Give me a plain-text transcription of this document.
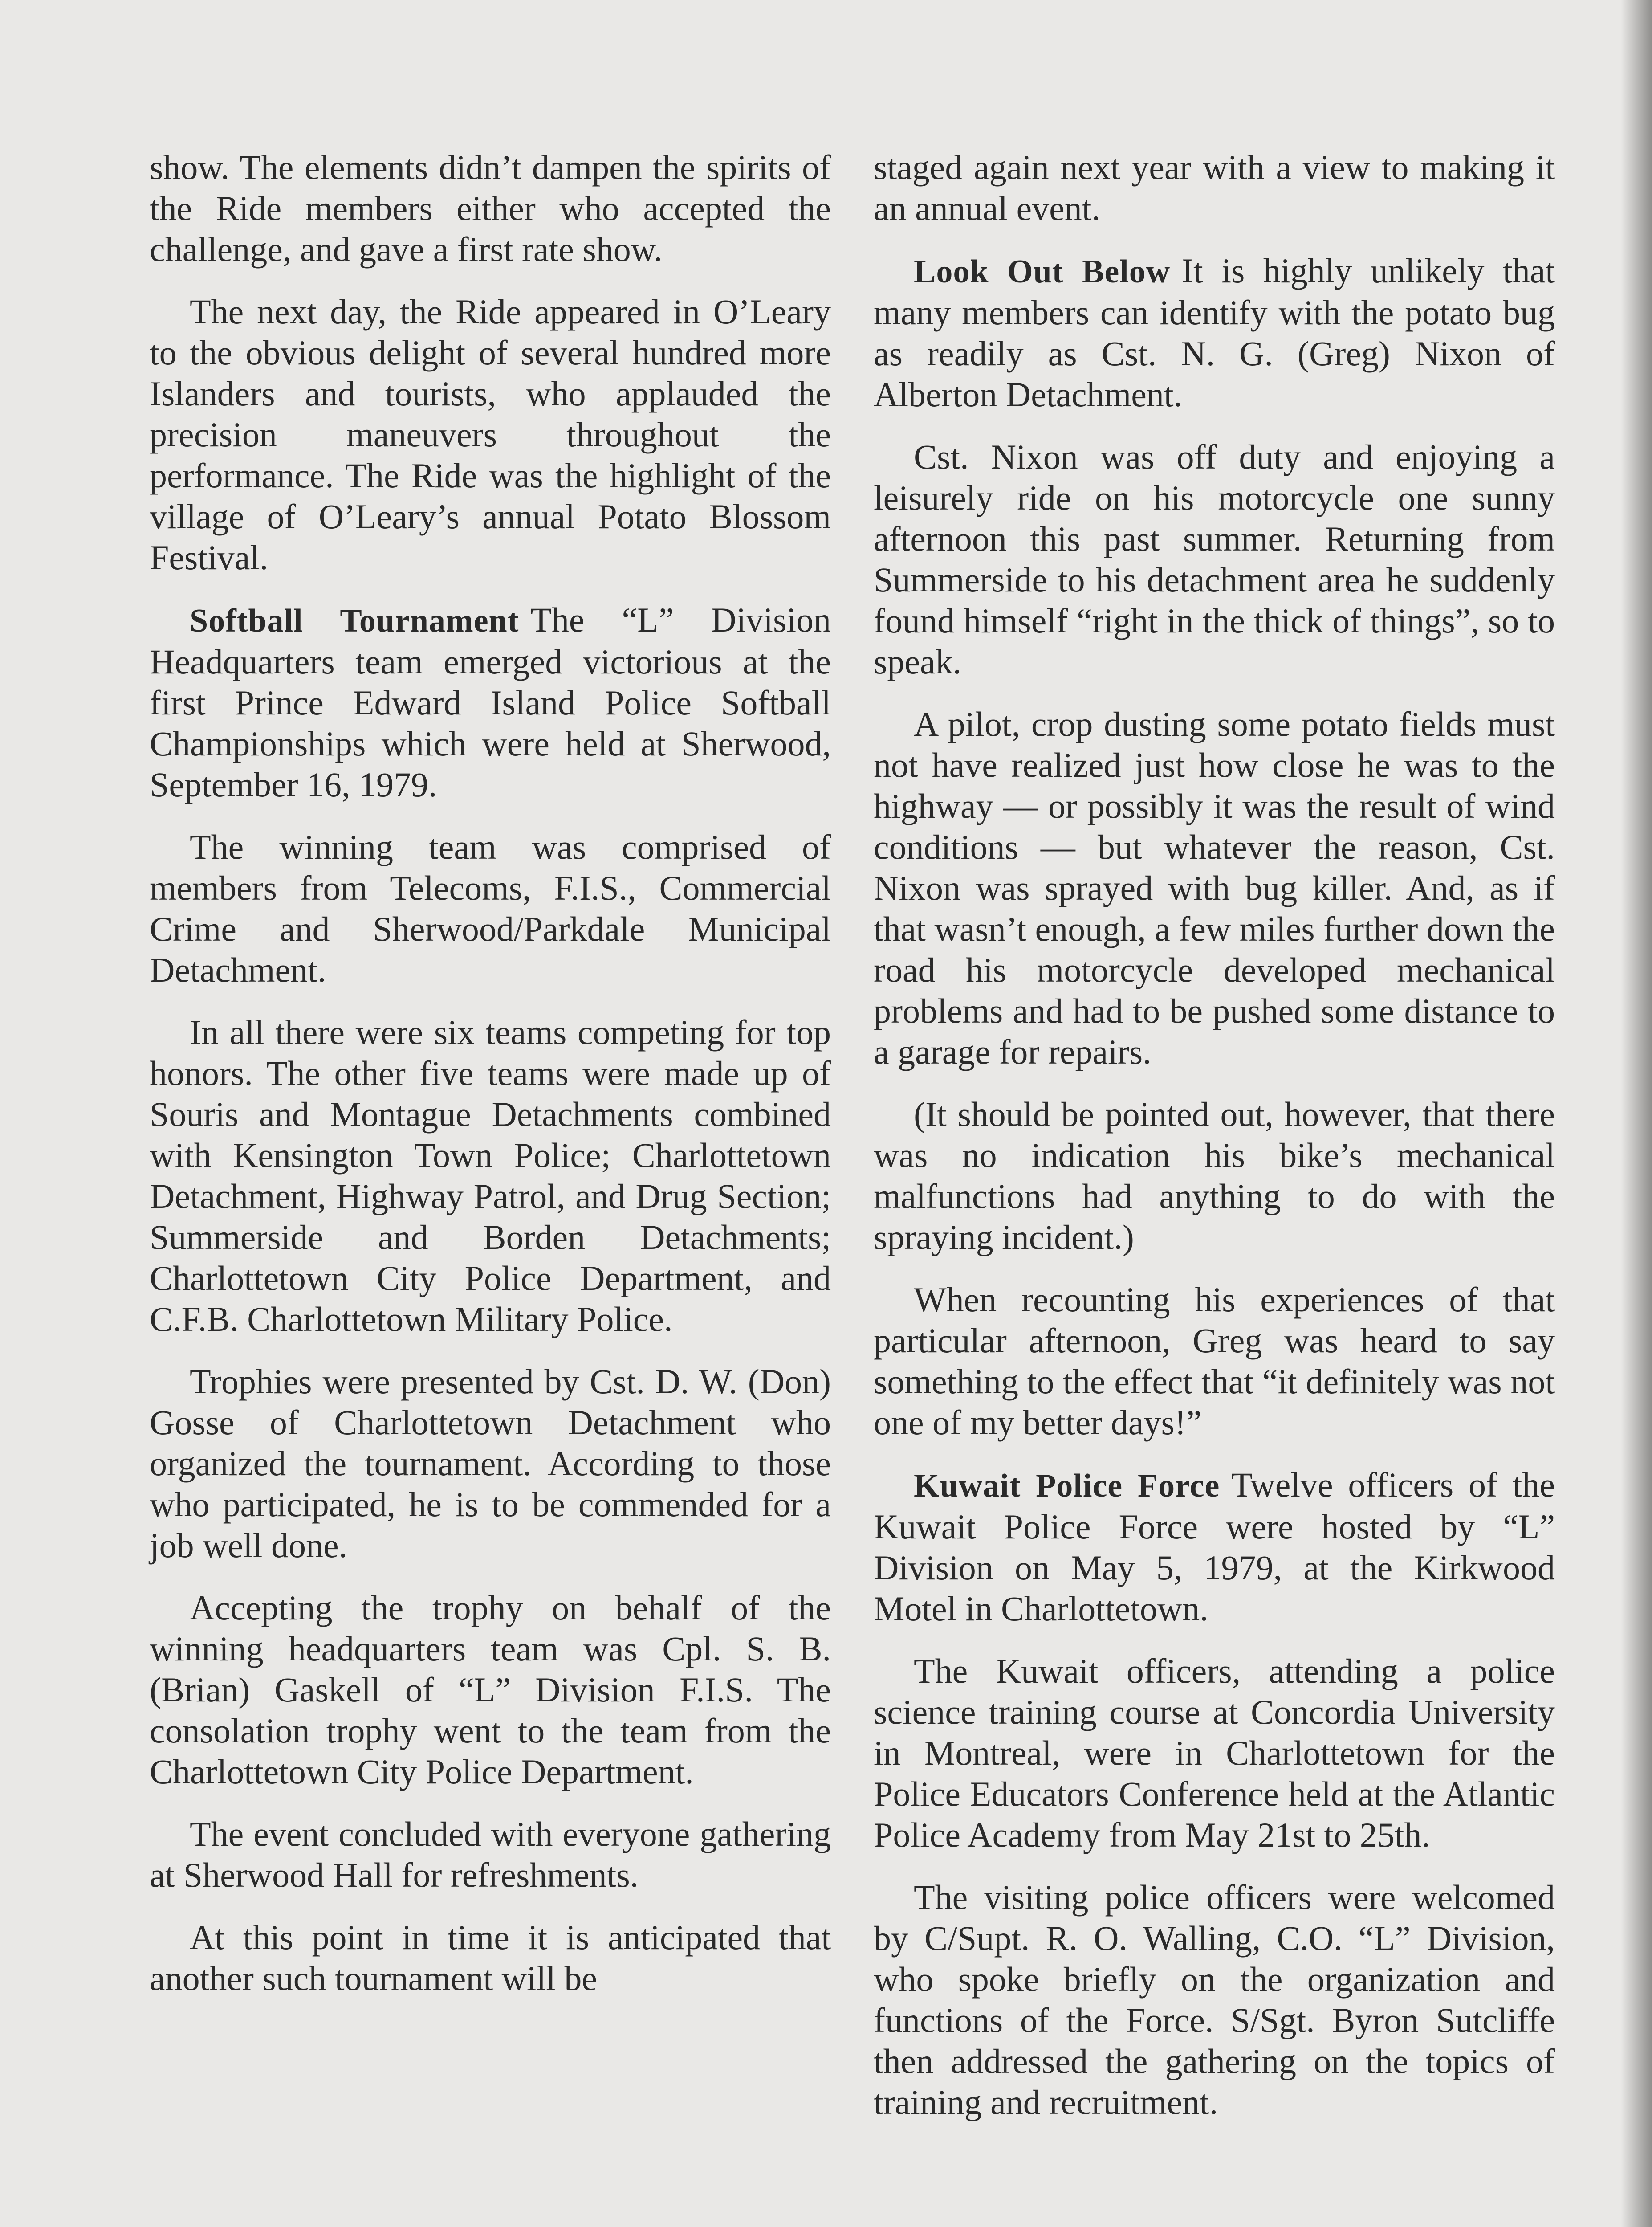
show. The elements didn’t dampen the spirits of the Ride members either who accepted the challenge, and gave a first rate show.

The next day, the Ride appeared in O’Leary to the obvious delight of several hundred more Islanders and tourists, who applauded the precision maneuvers throughout the performance. The Ride was the highlight of the village of O’Leary’s annual Potato Blossom Festival.

Softball Tournament The “L” Division Headquarters team emerged victorious at the first Prince Edward Island Police Softball Championships which were held at Sherwood, September 16, 1979.

The winning team was comprised of members from Telecoms, F.I.S., Commercial Crime and Sherwood/Parkdale Municipal Detachment.

In all there were six teams competing for top honors. The other five teams were made up of Souris and Montague Detachments combined with Kensington Town Police; Charlottetown Detachment, Highway Patrol, and Drug Section; Summerside and Borden Detachments; Charlottetown City Police Department, and C.F.B. Charlottetown Military Police.

Trophies were presented by Cst. D. W. (Don) Gosse of Charlottetown Detachment who organized the tournament. According to those who participated, he is to be commended for a job well done.

Accepting the trophy on behalf of the winning headquarters team was Cpl. S. B. (Brian) Gaskell of “L” Division F.I.S. The consolation trophy went to the team from the Charlottetown City Police Department.

The event concluded with everyone gathering at Sherwood Hall for refreshments.

At this point in time it is anticipated that another such tournament will be

staged again next year with a view to making it an annual event.

Look Out Below It is highly unlikely that many members can identify with the potato bug as readily as Cst. N. G. (Greg) Nixon of Alberton Detachment.

Cst. Nixon was off duty and enjoying a leisurely ride on his motorcycle one sunny afternoon this past summer. Returning from Summerside to his detachment area he suddenly found himself “right in the thick of things”, so to speak.

A pilot, crop dusting some potato fields must not have realized just how close he was to the highway — or possibly it was the result of wind conditions — but whatever the reason, Cst. Nixon was sprayed with bug killer. And, as if that wasn’t enough, a few miles further down the road his motorcycle developed mechanical problems and had to be pushed some distance to a garage for repairs.

(It should be pointed out, however, that there was no indication his bike’s mechanical malfunctions had anything to do with the spraying incident.)

When recounting his experiences of that particular afternoon, Greg was heard to say something to the effect that “it definitely was not one of my better days!”

Kuwait Police Force Twelve officers of the Kuwait Police Force were hosted by “L” Division on May 5, 1979, at the Kirkwood Motel in Charlottetown.

The Kuwait officers, attending a police science training course at Concordia University in Montreal, were in Charlottetown for the Police Educators Conference held at the Atlantic Police Academy from May 21st to 25th.

The visiting police officers were welcomed by C/Supt. R. O. Walling, C.O. “L” Division, who spoke briefly on the organization and functions of the Force. S/Sgt. Byron Sutcliffe then addressed the gathering on the topics of training and recruitment.
